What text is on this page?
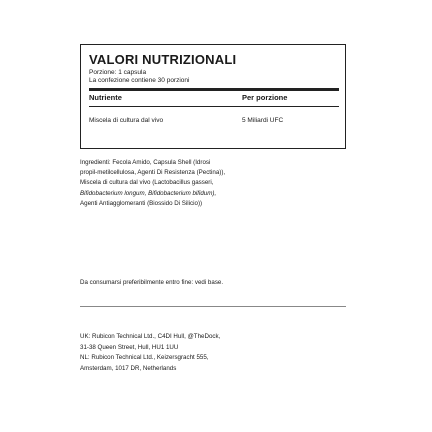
VALORI NUTRIZIONALI
Porzione: 1 capsula
La confezione contiene 30 porzioni
Nutriente	Per porzione
Miscela di cultura dal vivo	5 Miliardi UFC
Ingredienti: Fecola Amido, Capsula Shell (Idrosi
propil-metilcellulosa, Agenti Di Resistenza (Pectina)),
Miscela di cultura dal vivo (Lactobacillus gasseri,
Bifidobacterium longum, Bifidobacterium bifidum),
Agenti Antiagglomeranti (Biossido Di Silicio))
Da consumarsi preferibilmente entro fine: vedi base.
UK: Rubicon Technical Ltd., C4DI Hull, @TheDock,
31-38 Queen Street, Hull, HU1 1UU
NL: Rubicon Technical Ltd., Keizersgracht 555,
Amsterdam, 1017 DR, Netherlands
